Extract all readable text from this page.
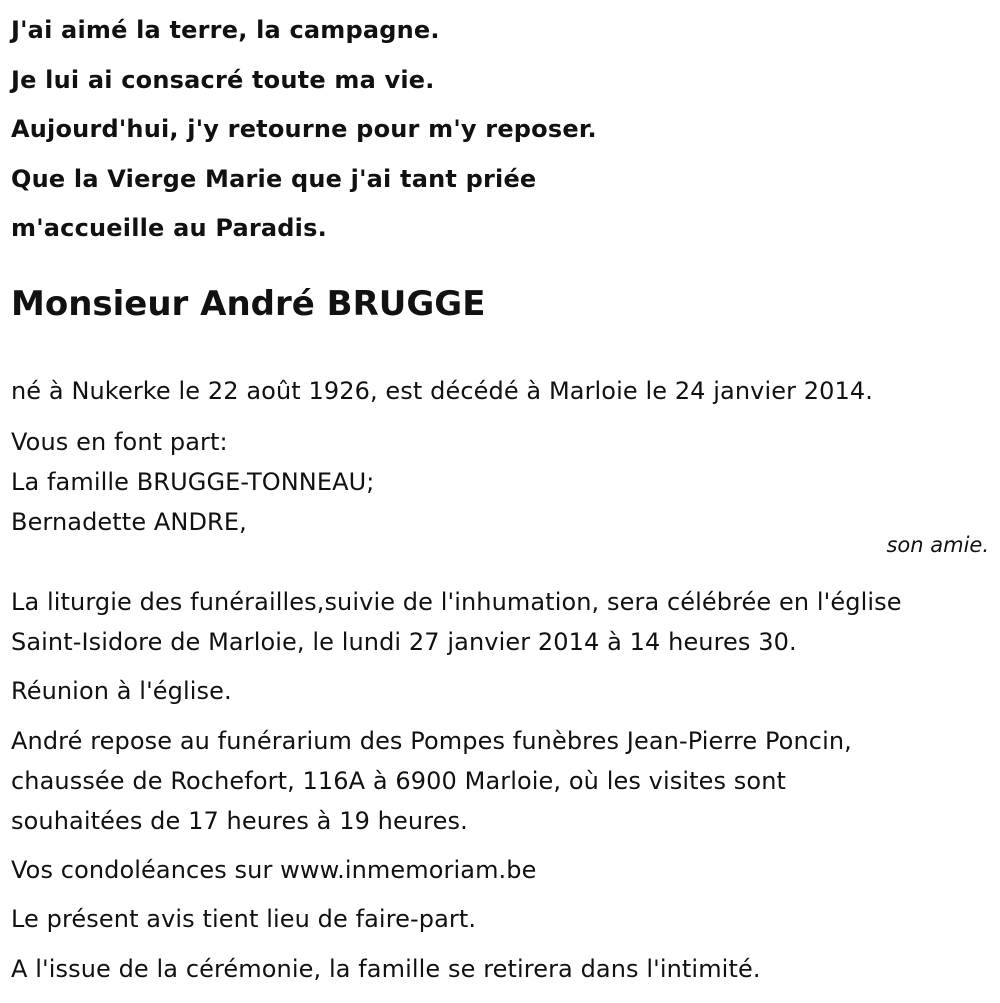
J'ai aimé la terre, la campagne.
Je lui ai consacré toute ma vie.
Aujourd'hui, j'y retourne pour m'y reposer.
Que la Vierge Marie que j'ai tant priée
m'accueille au Paradis.
Monsieur André BRUGGE
né à Nukerke le 22 août 1926, est décédé à Marloie le 24 janvier 2014.
Vous en font part:
La famille BRUGGE-TONNEAU;
Bernadette ANDRE,
son amie.
La liturgie des funérailles,suivie de l'inhumation, sera célébrée en l'église
Saint-Isidore de Marloie, le lundi 27 janvier 2014 à 14 heures 30.
Réunion à l'église.
André repose au funérarium des Pompes funèbres Jean-Pierre Poncin,
chaussée de Rochefort, 116A à 6900 Marloie, où les visites sont
souhaitées de 17 heures à 19 heures.
Vos condoléances sur www.inmemoriam.be
Le présent avis tient lieu de faire-part.
A l'issue de la cérémonie, la famille se retirera dans l'intimité.
